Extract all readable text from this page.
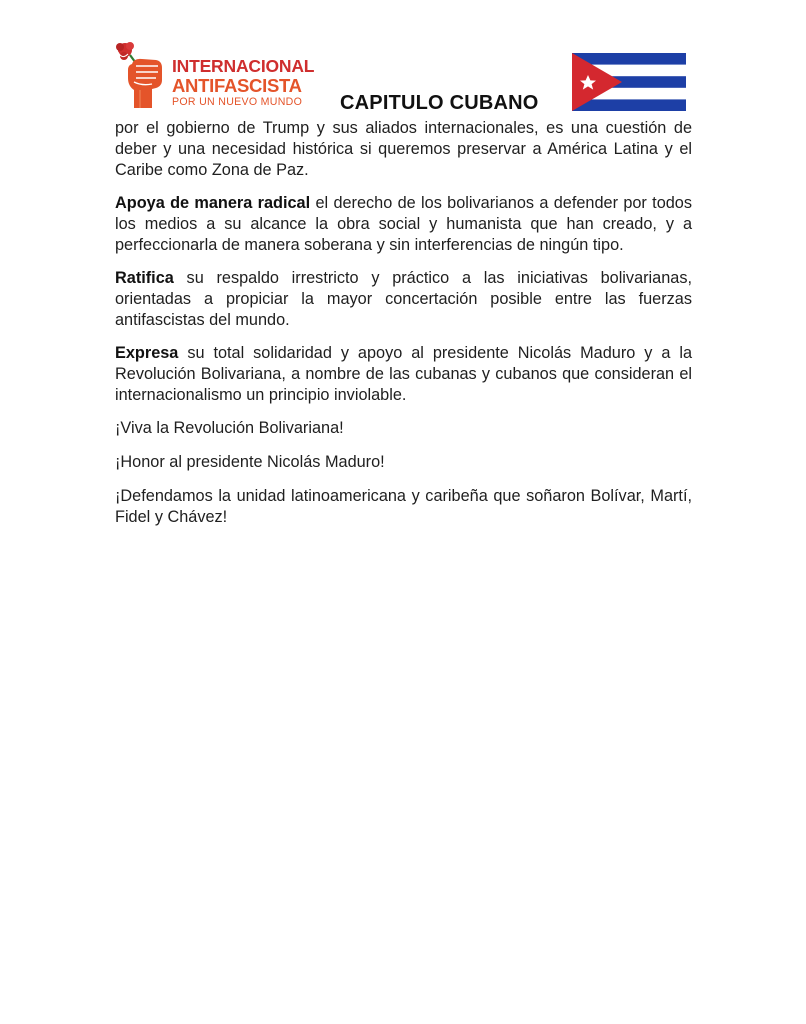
INTERNACIONAL
ANTIFASCISTA
POR UN NUEVO MUNDO	CAPITULO CUBANO

por el gobierno de Trump y sus aliados internacionales, es una cuestión de deber y una necesidad histórica si queremos preservar a América Latina y el Caribe como Zona de Paz.

Apoya de manera radical el derecho de los bolivarianos a defender por todos los medios a su alcance la obra social y humanista que han creado, y a perfeccionarla de manera soberana y sin interferencias de ningún tipo.

Ratifica su respaldo irrestricto y práctico a las iniciativas bolivarianas, orientadas a propiciar la mayor concertación posible entre las fuerzas antifascistas del mundo.

Expresa su total solidaridad y apoyo al presidente Nicolás Maduro y a la Revolución Bolivariana, a nombre de las cubanas y cubanos que consideran el internacionalismo un principio inviolable.

¡Viva la Revolución Bolivariana!

¡Honor al presidente Nicolás Maduro!

¡Defendamos la unidad latinoamericana y caribeña que soñaron Bolívar, Martí, Fidel y Chávez!
